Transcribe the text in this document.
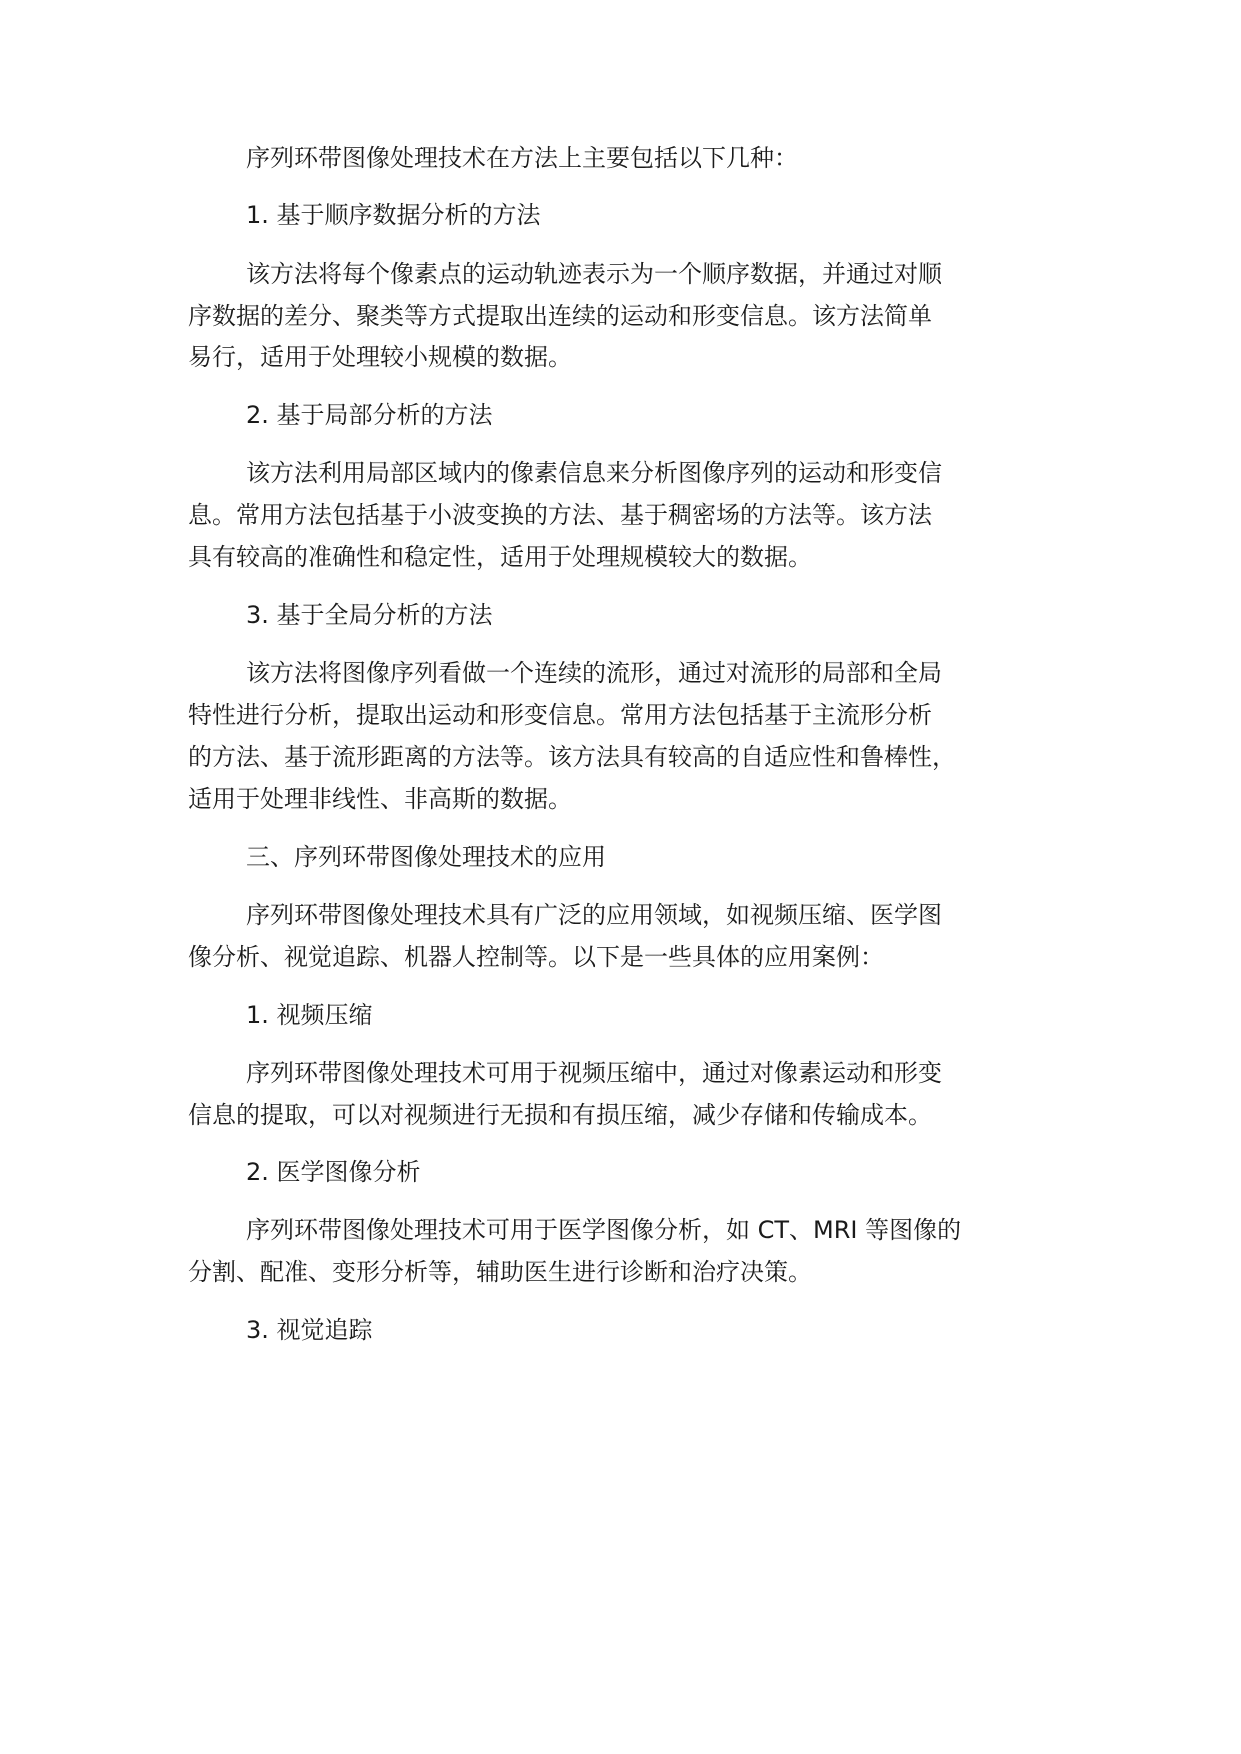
序列环带图像处理技术在方法上主要包括以下几种：

1. 基于顺序数据分析的方法

该方法将每个像素点的运动轨迹表示为一个顺序数据，并通过对顺

序数据的差分、聚类等方式提取出连续的运动和形变信息。该方法简单

易行，适用于处理较小规模的数据。

2. 基于局部分析的方法

该方法利用局部区域内的像素信息来分析图像序列的运动和形变信

息。常用方法包括基于小波变换的方法、基于稠密场的方法等。该方法

具有较高的准确性和稳定性，适用于处理规模较大的数据。

3. 基于全局分析的方法

该方法将图像序列看做一个连续的流形，通过对流形的局部和全局

特性进行分析，提取出运动和形变信息。常用方法包括基于主流形分析

的方法、基于流形距离的方法等。该方法具有较高的自适应性和鲁棒性，

适用于处理非线性、非高斯的数据。

三、序列环带图像处理技术的应用

序列环带图像处理技术具有广泛的应用领域，如视频压缩、医学图

像分析、视觉追踪、机器人控制等。以下是一些具体的应用案例：

1. 视频压缩

序列环带图像处理技术可用于视频压缩中，通过对像素运动和形变

信息的提取，可以对视频进行无损和有损压缩，减少存储和传输成本。

2. 医学图像分析

序列环带图像处理技术可用于医学图像分析，如 CT、MRI 等图像的

分割、配准、变形分析等，辅助医生进行诊断和治疗决策。

3. 视觉追踪
